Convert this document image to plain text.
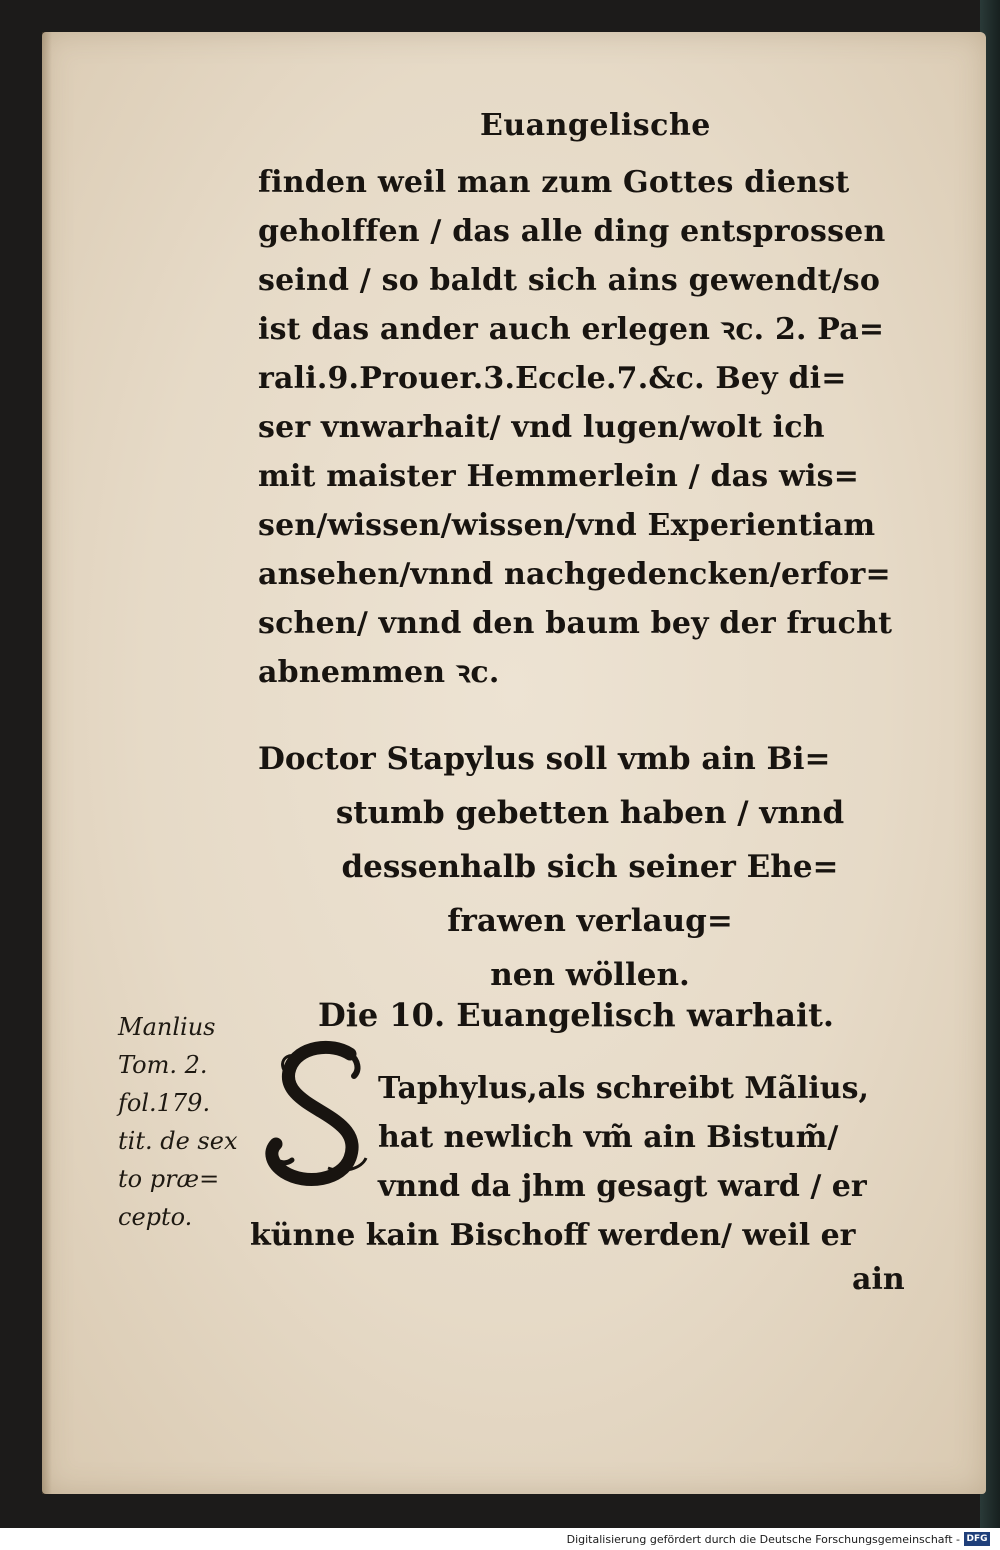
Euangelische
finden weil man zum Gottes dienst
geholffen / das alle ding entsprossen
seind / so baldt sich ains gewendt/so
ist das ander auch erlegen ꝛc. 2. Pa=
rali.9.Prouer.3.Eccle.7.&c. Bey di=
ser vnwarhait/ vnd lugen/wolt ich
mit maister Hemmerlein / das wis=
sen/wissen/wissen/vnd Experientiam
ansehen/vnnd nachgedencken/erfor=
schen/ vnnd den baum bey der frucht
abnemmen ꝛc.
Doctor Stapylus soll vmb ain Bi=
stumb gebetten haben / vnnd
dessenhalb sich seiner Ehe=
frawen verlaug=
nen wöllen.
Die 10. Euangelisch warhait.
Manlius
Tom. 2.
fol.179.
tit. de sex
to præ=
cepto.
Taphylus,als schreibt Mãlius,
hat newlich vm̃ ain Bistum̃/
vnnd da jhm gesagt ward / er
künne kain Bischoff werden/ weil er
ain
Digitalisierung gefördert durch die Deutsche Forschungsgemeinschaft - DFG
